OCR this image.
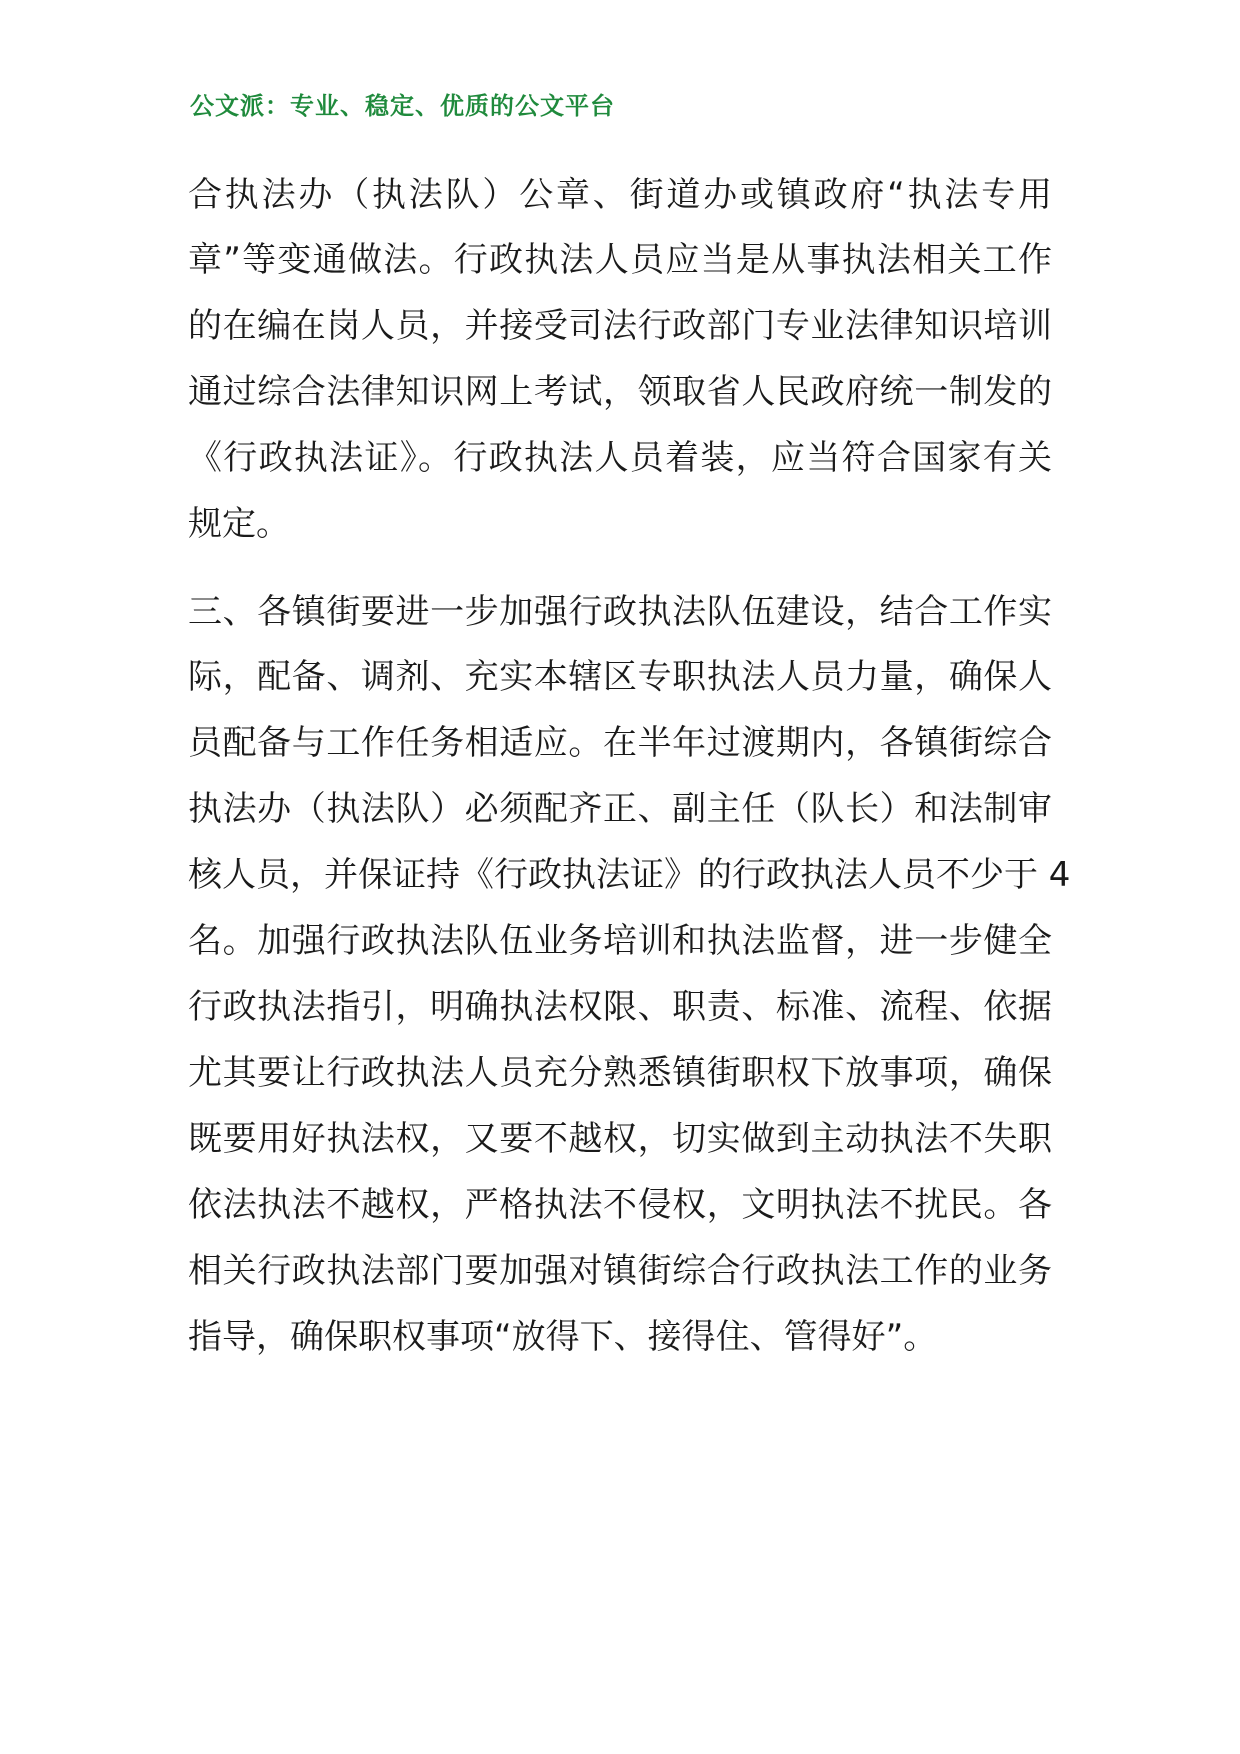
公文派：专业、稳定、优质的公文平台
合执法办（执法队）公章、街道办或镇政府“执法专用
章”等变通做法。行政执法人员应当是从事执法相关工作
的在编在岗人员，并接受司法行政部门专业法律知识培训
通过综合法律知识网上考试，领取省人民政府统一制发的
《行政执法证》。行政执法人员着装，应当符合国家有关
规定。
三、各镇街要进一步加强行政执法队伍建设，结合工作实
际，配备、调剂、充实本辖区专职执法人员力量，确保人
员配备与工作任务相适应。在半年过渡期内，各镇街综合
执法办（执法队）必须配齐正、副主任（队长）和法制审
核人员，并保证持《行政执法证》的行政执法人员不少于 4
名。加强行政执法队伍业务培训和执法监督，进一步健全
行政执法指引，明确执法权限、职责、标准、流程、依据
尤其要让行政执法人员充分熟悉镇街职权下放事项，确保
既要用好执法权，又要不越权，切实做到主动执法不失职
依法执法不越权，严格执法不侵权，文明执法不扰民。各
相关行政执法部门要加强对镇街综合行政执法工作的业务
指导，确保职权事项“放得下、接得住、管得好”。
